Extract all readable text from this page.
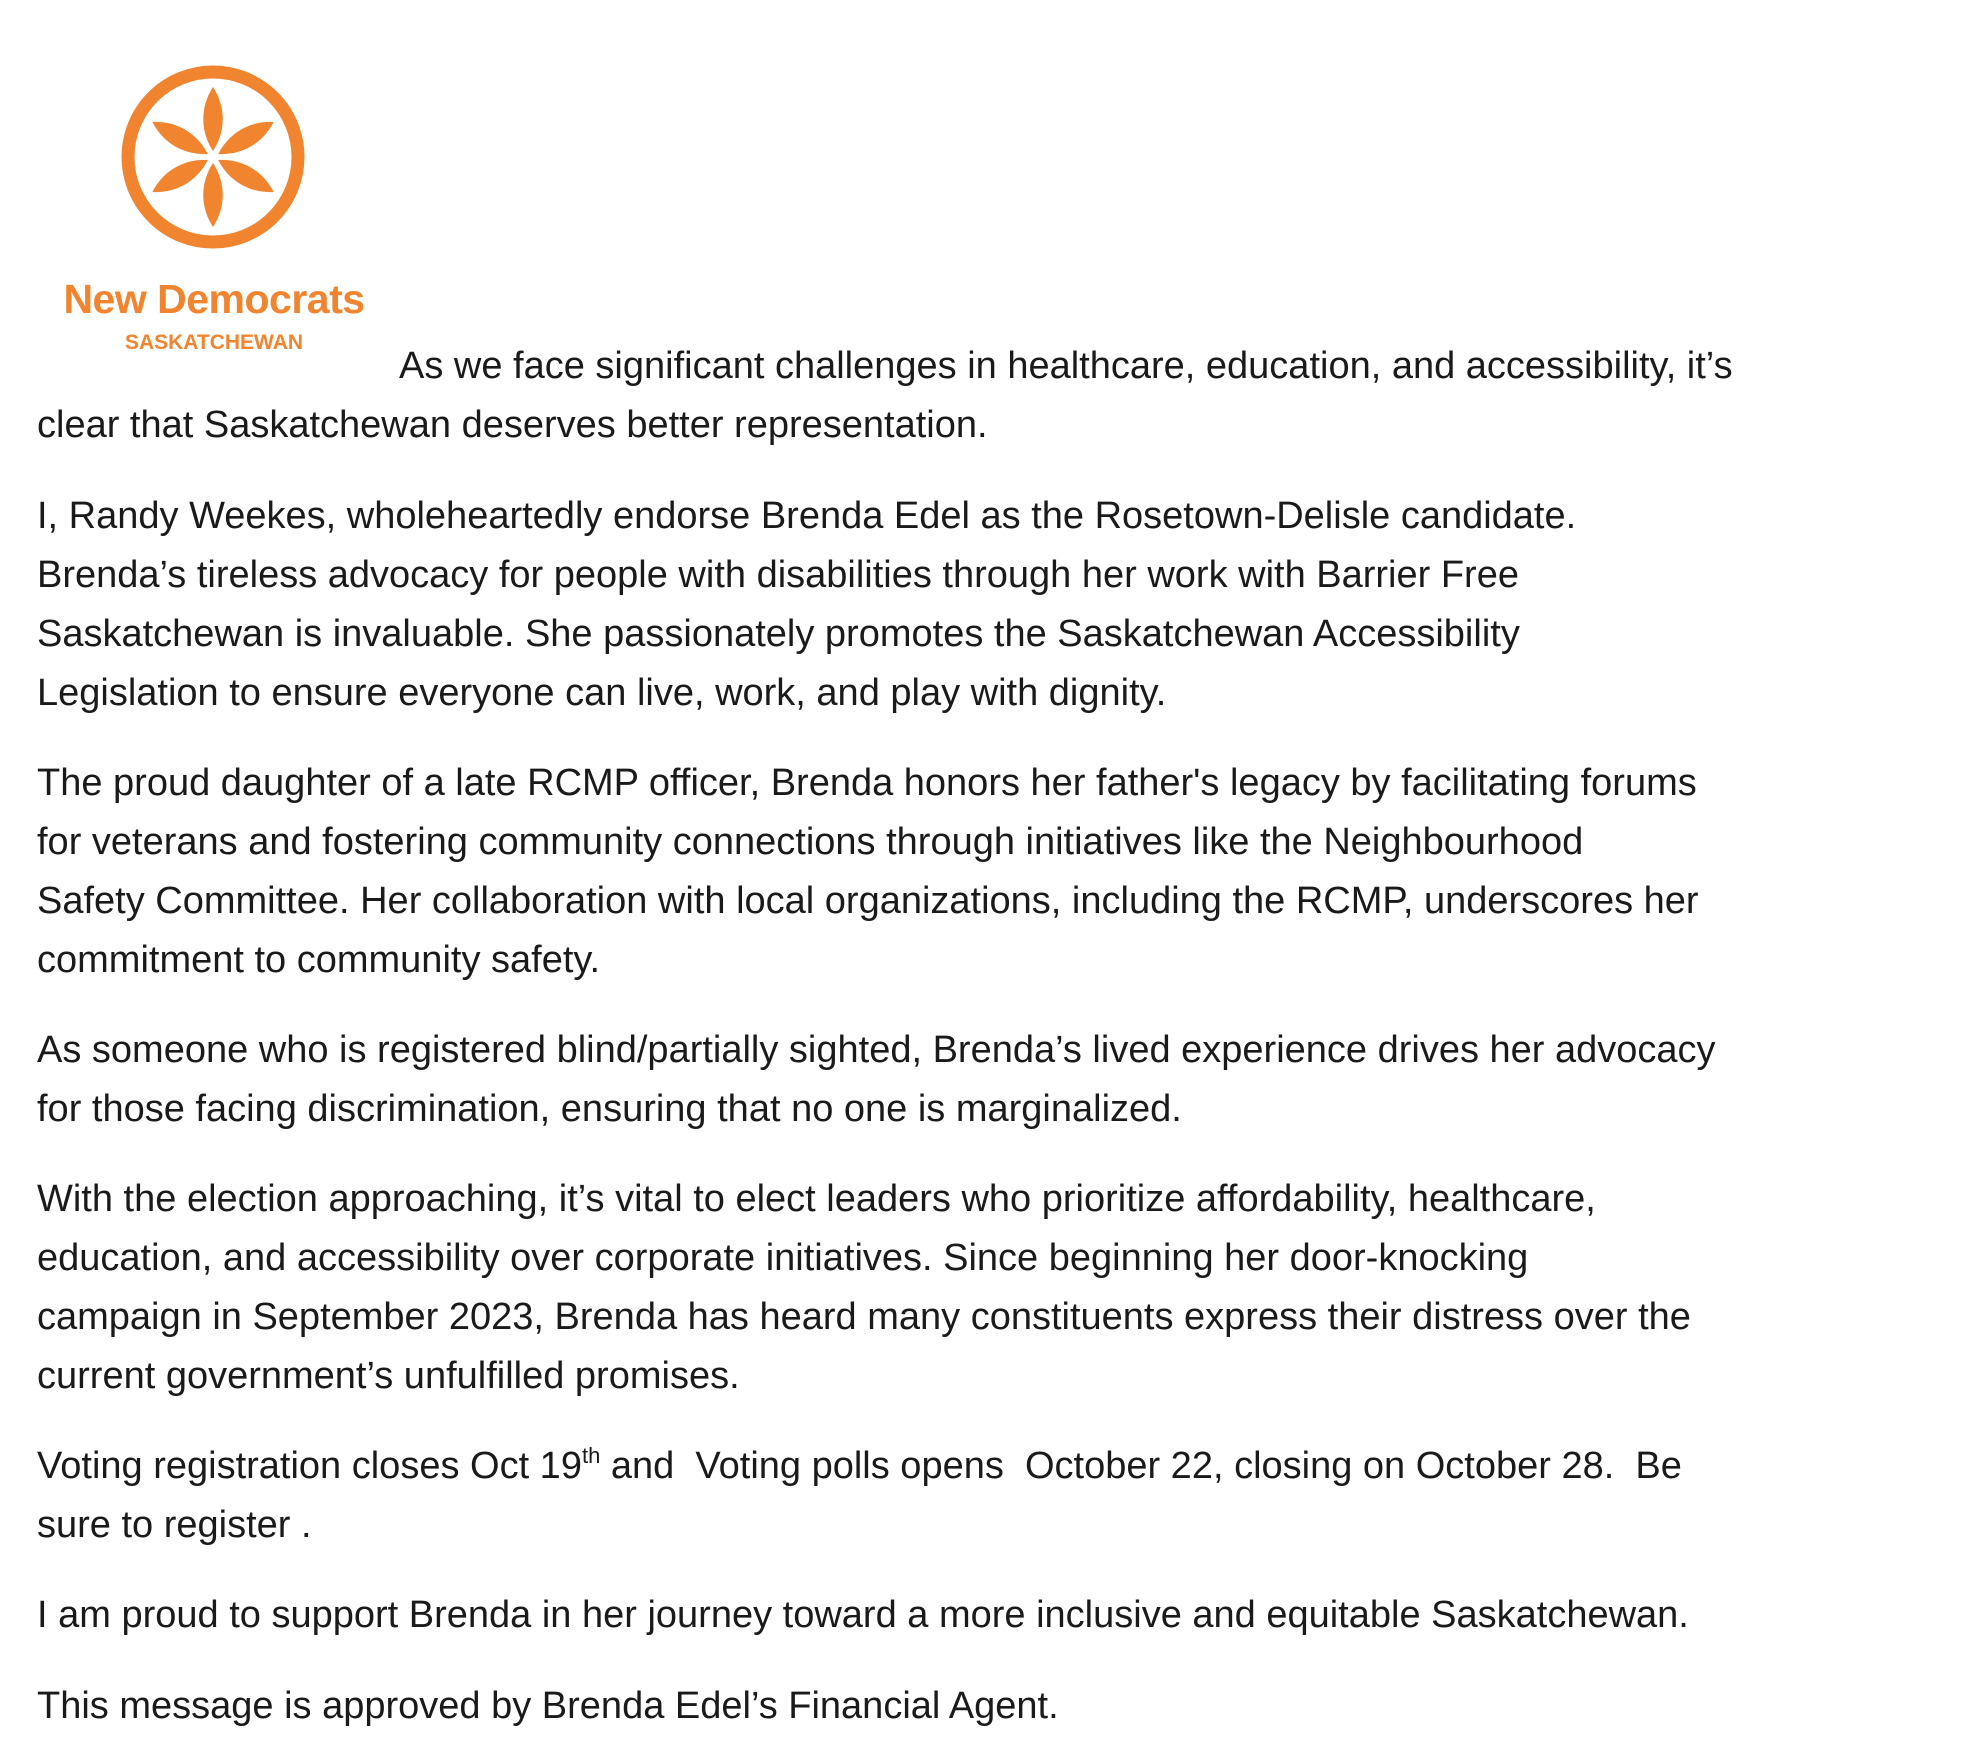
New Democrats
SASKATCHEWAN
As we face significant challenges in healthcare, education, and accessibility, it’s
clear that Saskatchewan deserves better representation.
I, Randy Weekes, wholeheartedly endorse Brenda Edel as the Rosetown-Delisle candidate.
Brenda’s tireless advocacy for people with disabilities through her work with Barrier Free
Saskatchewan is invaluable. She passionately promotes the Saskatchewan Accessibility
Legislation to ensure everyone can live, work, and play with dignity.
The proud daughter of a late RCMP officer, Brenda honors her father's legacy by facilitating forums
for veterans and fostering community connections through initiatives like the Neighbourhood
Safety Committee. Her collaboration with local organizations, including the RCMP, underscores her
commitment to community safety.
As someone who is registered blind/partially sighted, Brenda’s lived experience drives her advocacy
for those facing discrimination, ensuring that no one is marginalized.
With the election approaching, it’s vital to elect leaders who prioritize affordability, healthcare,
education, and accessibility over corporate initiatives. Since beginning her door-knocking
campaign in September 2023, Brenda has heard many constituents express their distress over the
current government’s unfulfilled promises.
Voting registration closes Oct 19th and  Voting polls opens  October 22, closing on October 28.  Be
sure to register .
I am proud to support Brenda in her journey toward a more inclusive and equitable Saskatchewan.
This message is approved by Brenda Edel’s Financial Agent.
